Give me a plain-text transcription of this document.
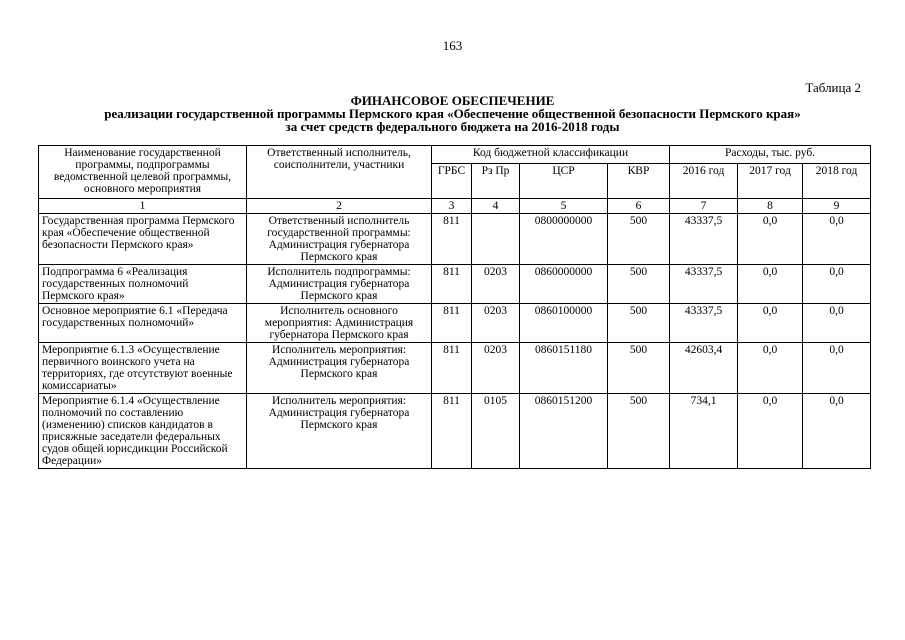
163
Таблица 2
ФИНАНСОВОЕ ОБЕСПЕЧЕНИЕ
реализации государственной программы Пермского края «Обеспечение общественной безопасности Пермского края»
за счет средств федерального бюджета на 2016-2018 годы
Наименование государственной программы, подпрограммы ведомственной целевой программы, основного мероприятия	Ответственный исполнитель, соисполнители, участники	Код бюджетной классификации				Расходы, тыс. руб.		
		ГРБС	Рз Пр	ЦСР	КВР	2016 год	2017 год	2018 год
1	2	3	4	5	6	7	8	9
Государственная программа Пермского края «Обеспечение общественной безопасности Пермского края»	Ответственный исполнитель государственной программы: Администрация губернатора Пермского края	811		0800000000	500	43337,5	0,0	0,0
Подпрограмма 6 «Реализация государственных полномочий Пермского края»	Исполнитель подпрограммы: Администрация губернатора Пермского края	811	0203	0860000000	500	43337,5	0,0	0,0
Основное мероприятие 6.1 «Передача государственных полномочий»	Исполнитель основного мероприятия: Администрация губернатора Пермского края	811	0203	0860100000	500	43337,5	0,0	0,0
Мероприятие 6.1.3 «Осуществление первичного воинского учета на территориях, где отсутствуют военные комиссариаты»	Исполнитель мероприятия: Администрация губернатора Пермского края	811	0203	0860151180	500	42603,4	0,0	0,0
Мероприятие 6.1.4 «Осуществление полномочий по составлению (изменению) списков кандидатов в присяжные заседатели федеральных судов общей юрисдикции Российской Федерации»	Исполнитель мероприятия: Администрация губернатора Пермского края	811	0105	0860151200	500	734,1	0,0	0,0
